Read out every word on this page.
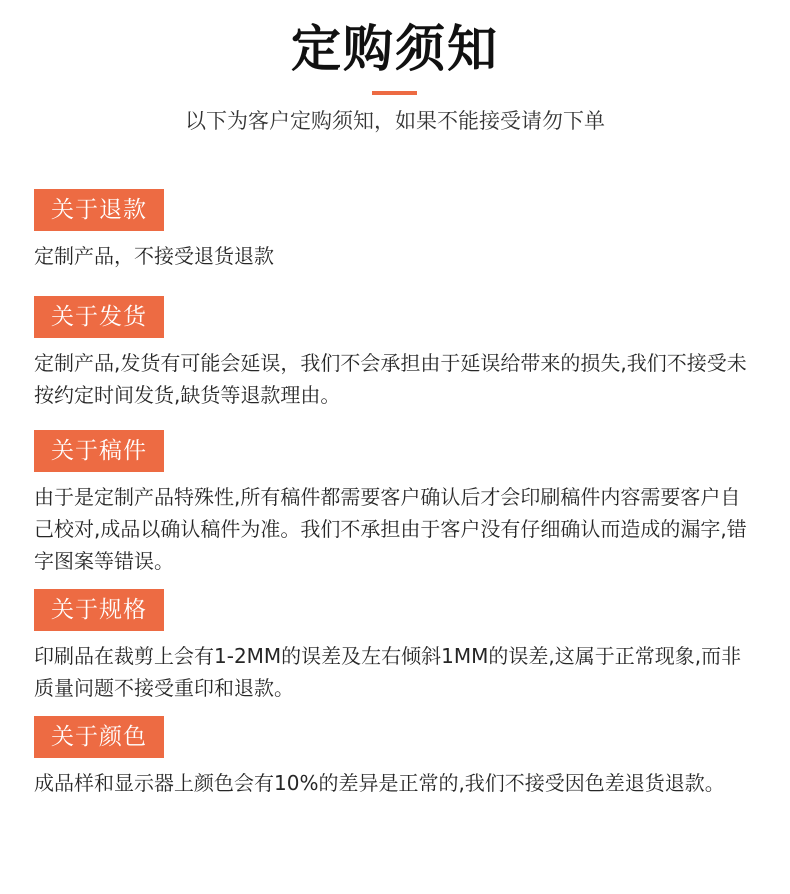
定购须知
以下为客户定购须知，如果不能接受请勿下单
关于退款
定制产品，不接受退货退款
关于发货
定制产品,发货有可能会延误，我们不会承担由于延误给带来的损失,我们不接受未按约定时间发货,缺货等退款理由。
关于稿件
由于是定制产品特殊性,所有稿件都需要客户确认后才会印刷稿件内容需要客户自己校对,成品以确认稿件为准。我们不承担由于客户没有仔细确认而造成的漏字,错字图案等错误。
关于规格
印刷品在裁剪上会有1-2MM的误差及左右倾斜1MM的误差,这属于正常现象,而非质量问题不接受重印和退款。
关于颜色
成品样和显示器上颜色会有10%的差异是正常的,我们不接受因色差退货退款。
